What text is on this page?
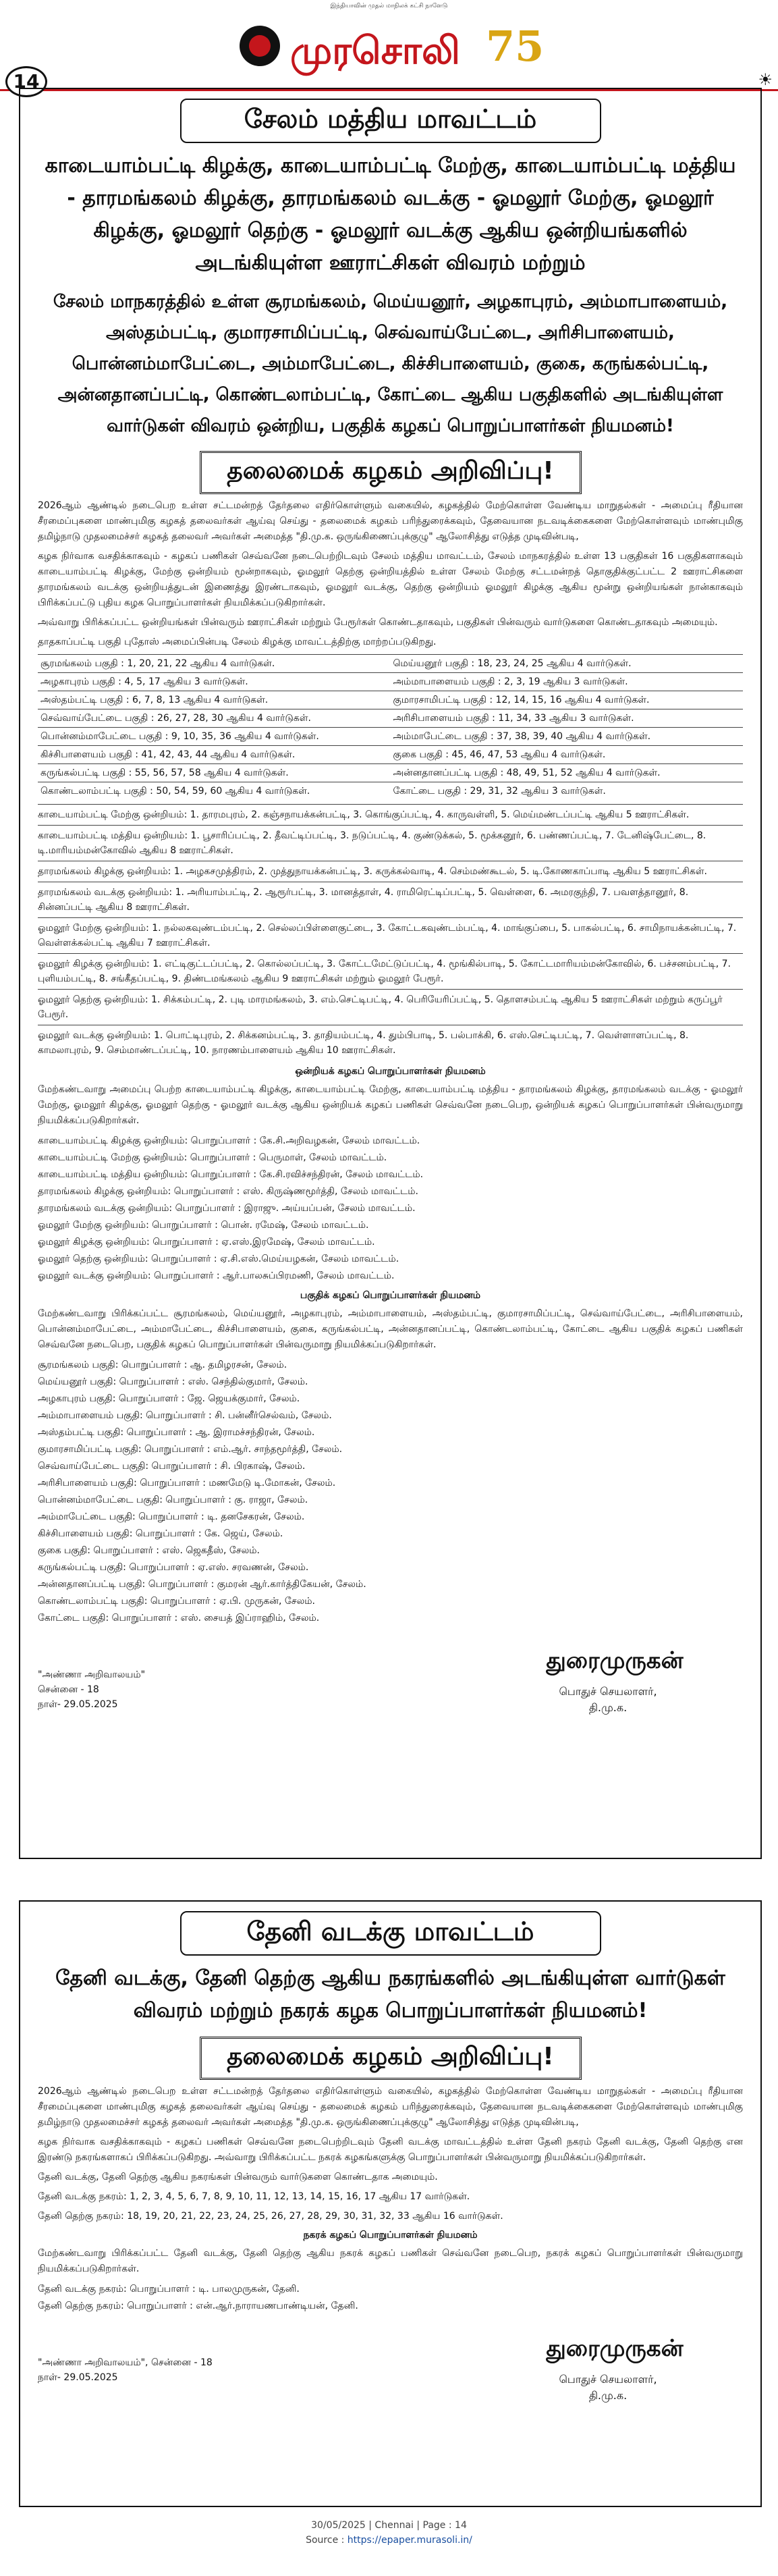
இந்தியாவின் முதல் மாநிலக் கட்சி நாளேடு
முரசொலி 75
14	☀
சேலம் மத்திய மாவட்டம்
காடையாம்பட்டி கிழக்கு, காடையாம்பட்டி மேற்கு, காடையாம்பட்டி மத்திய - தாரமங்கலம் கிழக்கு, தாரமங்கலம் வடக்கு - ஓமலூர் மேற்கு, ஓமலூர் கிழக்கு, ஓமலூர் தெற்கு - ஓமலூர் வடக்கு ஆகிய ஒன்றியங்களில் அடங்கியுள்ள ஊராட்சிகள் விவரம் மற்றும்
சேலம் மாநகரத்தில் உள்ள சூரமங்கலம், மெய்யனூர், அழகாபுரம், அம்மாபாளையம், அஸ்தம்பட்டி, குமாரசாமிப்பட்டி, செவ்வாய்பேட்டை, அரிசிபாளையம், பொன்னம்மாபேட்டை, அம்மாபேட்டை, கிச்சிபாளையம், குகை, கருங்கல்பட்டி, அன்னதானப்பட்டி, கொண்டலாம்பட்டி, கோட்டை ஆகிய பகுதிகளில் அடங்கியுள்ள வார்டுகள் விவரம் ஒன்றிய, பகுதிக் கழகப் பொறுப்பாளர்கள் நியமனம்!
தலைமைக் கழகம் அறிவிப்பு!
2026ஆம் ஆண்டில் நடைபெற உள்ள சட்டமன்றத் தேர்தலை எதிர்கொள்ளும் வகையில், கழகத்தில் மேற்கொள்ள வேண்டிய மாறுதல்கள் - அமைப்பு ரீதியான சீரமைப்புகளை மாண்புமிகு கழகத் தலைவர்கள் ஆய்வு செய்து - தலைமைக் கழகம் பரிந்துரைக்கவும், தேவையான நடவடிக்கைகளை மேற்கொள்ளவும் மாண்புமிகு தமிழ்நாடு முதலமைச்சர் கழகத் தலைவர் அவர்கள் அமைத்த "தி.மு.க. ஒருங்கிணைப்புக்குழு" ஆலோசித்து எடுத்த முடிவின்படி,
கழக நிர்வாக வசதிக்காகவும் - கழகப் பணிகள் செவ்வனே நடைபெற்றிடவும் சேலம் மத்திய மாவட்டம், சேலம் மாநகரத்தில் உள்ள 13 பகுதிகள் 16 பகுதிகளாகவும் காடையாம்பட்டி கிழக்கு, மேற்கு ஒன்றியம் மூன்றாகவும், ஓமலூர் தெற்கு ஒன்றியத்தில் உள்ள சேலம் மேற்கு சட்டமன்றத் தொகுதிக்குட்பட்ட 2 ஊராட்சிகளை தாரமங்கலம் வடக்கு ஒன்றியத்துடன் இணைத்து இரண்டாகவும், ஓமலூர் வடக்கு, தெற்கு ஒன்றியம் ஓமலூர் கிழக்கு ஆகிய மூன்று ஒன்றியங்கள் நான்காகவும் பிரிக்கப்பட்டு புதிய கழக பொறுப்பாளர்கள் நியமிக்கப்படுகிறார்கள்.
அவ்வாறு பிரிக்கப்பட்ட ஒன்றியங்கள் பின்வரும் ஊராட்சிகள் மற்றும் பேரூர்கள் கொண்டதாகவும், பகுதிகள் பின்வரும் வார்டுகளை கொண்டதாகவும் அமையும்.
தாதகாப்பட்டி பகுதி புதோஸ் அமைப்பின்படி சேலம் கிழக்கு மாவட்டத்திற்கு மாற்றப்படுகிறது.
சூரமங்கலம் பகுதி : 1, 20, 21, 22 ஆகிய 4 வார்டுகள்.	மெய்யனூர் பகுதி : 18, 23, 24, 25 ஆகிய 4 வார்டுகள்.
அழகாபுரம் பகுதி : 4, 5, 17 ஆகிய 3 வார்டுகள்.	அம்மாபாளையம் பகுதி : 2, 3, 19 ஆகிய 3 வார்டுகள்.
அஸ்தம்பட்டி பகுதி : 6, 7, 8, 13 ஆகிய 4 வார்டுகள்.	குமாரசாமிபட்டி பகுதி : 12, 14, 15, 16 ஆகிய 4 வார்டுகள்.
செவ்வாய்பேட்டை பகுதி : 26, 27, 28, 30 ஆகிய 4 வார்டுகள்.	அரிசிபாளையம் பகுதி : 11, 34, 33 ஆகிய 3 வார்டுகள்.
பொன்னம்மாபேட்டை பகுதி : 9, 10, 35, 36 ஆகிய 4 வார்டுகள்.	அம்மாபேட்டை பகுதி : 37, 38, 39, 40 ஆகிய 4 வார்டுகள்.
கிச்சிபாளையம் பகுதி : 41, 42, 43, 44 ஆகிய 4 வார்டுகள்.	குகை பகுதி : 45, 46, 47, 53 ஆகிய 4 வார்டுகள்.
கருங்கல்பட்டி பகுதி : 55, 56, 57, 58 ஆகிய 4 வார்டுகள்.	அன்னதானப்பட்டி பகுதி : 48, 49, 51, 52 ஆகிய 4 வார்டுகள்.
கொண்டலாம்பட்டி பகுதி : 50, 54, 59, 60 ஆகிய 4 வார்டுகள்.	கோட்டை பகுதி : 29, 31, 32 ஆகிய 3 வார்டுகள்.
காடையாம்பட்டி மேற்கு ஒன்றியம்: 1. தாரமபுரம், 2. கஞ்சநாயக்கன்பட்டி, 3. கொங்குப்பட்டி, 4. காருவள்ளி, 5. மெய்மண்டப்பட்டி ஆகிய 5 ஊராட்சிகள்.
காடையாம்பட்டி மத்திய ஒன்றியம்: 1. பூசாரிப்பட்டி, 2. தீவட்டிப்பட்டி, 3. நடுப்பட்டி, 4. குண்டுக்கல், 5. மூக்கனூர், 6. பண்ணப்பட்டி, 7. டேனிஷ்பேட்டை, 8. டி.மாரியம்மன்கோவில் ஆகிய 8 ஊராட்சிகள்.
தாரமங்கலம் கிழக்கு ஒன்றியம்: 1. அழகசமுத்திரம், 2. முத்துநாயக்கன்பட்டி, 3. கருக்கல்வாடி, 4. செம்மண்கூடல், 5. டி.கோணகாப்பாடி ஆகிய 5 ஊராட்சிகள்.
தாரமங்கலம் வடக்கு ஒன்றியம்: 1. அரியாம்பட்டி, 2. ஆரூர்பட்டி, 3. மானத்தாள், 4. ராமிரெட்டிப்பட்டி, 5. வெள்ளை, 6. அமரகுந்தி, 7. பவளத்தானூர், 8. சின்னப்பட்டி ஆகிய 8 ஊராட்சிகள்.
ஓமலூர் மேற்கு ஒன்றியம்: 1. நல்லகவுண்டம்பட்டி, 2. செல்லப்பிள்ளைகுட்டை, 3. கோட்டகவுண்டம்பட்டி, 4. மாங்குப்பை, 5. பாகல்பட்டி, 6. சாமிநாயக்கன்பட்டி, 7. வெள்ளக்கல்பட்டி ஆகிய 7 ஊராட்சிகள்.
ஓமலூர் கிழக்கு ஒன்றியம்: 1. எட்டிகுட்டப்பட்டி, 2. கொல்லப்பட்டி, 3. கோட்டமேட்டுப்பட்டி, 4. மூங்கில்பாடி, 5. கோட்டமாரியம்மன்கோவில், 6. பச்சனம்பட்டி, 7. புளியம்பட்டி, 8. சங்கீதப்பட்டி, 9. திண்டமங்கலம் ஆகிய 9 ஊராட்சிகள் மற்றும் ஓமலூர் பேரூர்.
ஓமலூர் தெற்கு ஒன்றியம்: 1. சிக்கம்பட்டி, 2. புடி மாரமங்கலம், 3. எம்.செட்டிபட்டி, 4. பெரியேரிப்பட்டி, 5. தொளசம்பட்டி ஆகிய 5 ஊராட்சிகள் மற்றும் கருப்பூர் பேரூர்.
ஓமலூர் வடக்கு ஒன்றியம்: 1. பொட்டிபுரம், 2. சிக்கனம்பட்டி, 3. தாதியம்பட்டி, 4. தும்பிபாடி, 5. பல்பாக்கி, 6. எஸ்.செட்டிபட்டி, 7. வெள்ளாளப்பட்டி, 8. காமலாபுரம், 9. செம்மாண்டப்பட்டி, 10. நாரணம்பாளையம் ஆகிய 10 ஊராட்சிகள்.
ஒன்றியக் கழகப் பொறுப்பாளர்கள் நியமனம்
மேற்கண்டவாறு அமைப்பு பெற்ற காடையாம்பட்டி கிழக்கு, காடையாம்பட்டி மேற்கு, காடையாம்பட்டி மத்திய - தாரமங்கலம் கிழக்கு, தாரமங்கலம் வடக்கு - ஓமலூர் மேற்கு, ஓமலூர் கிழக்கு, ஓமலூர் தெற்கு - ஓமலூர் வடக்கு ஆகிய ஒன்றியக் கழகப் பணிகள் செவ்வனே நடைபெற, ஒன்றியக் கழகப் பொறுப்பாளர்கள் பின்வருமாறு நியமிக்கப்படுகிறார்கள்.
காடையாம்பட்டி கிழக்கு ஒன்றியம்: பொறுப்பாளர் : கே.சி.அறிவழகன், சேலம் மாவட்டம்.
காடையாம்பட்டி மேற்கு ஒன்றியம்: பொறுப்பாளர் : பெருமாள், சேலம் மாவட்டம்.
காடையாம்பட்டி மத்திய ஒன்றியம்: பொறுப்பாளர் : கே.சி.ரவிச்சந்திரன், சேலம் மாவட்டம்.
தாரமங்கலம் கிழக்கு ஒன்றியம்: பொறுப்பாளர் : எஸ். கிருஷ்ணமூர்த்தி, சேலம் மாவட்டம்.
தாரமங்கலம் வடக்கு ஒன்றியம்: பொறுப்பாளர் : இராஜு. அய்யப்பன், சேலம் மாவட்டம்.
ஓமலூர் மேற்கு ஒன்றியம்: பொறுப்பாளர் : பொன். ரமேஷ், சேலம் மாவட்டம்.
ஓமலூர் கிழக்கு ஒன்றியம்: பொறுப்பாளர் : ஏ.எஸ்.இரமேஷ், சேலம் மாவட்டம்.
ஓமலூர் தெற்கு ஒன்றியம்: பொறுப்பாளர் : ஏ.சி.எஸ்.மெய்யழகன், சேலம் மாவட்டம்.
ஓமலூர் வடக்கு ஒன்றியம்: பொறுப்பாளர் : ஆர்.பாலசுப்பிரமணி, சேலம் மாவட்டம்.
பகுதிக் கழகப் பொறுப்பாளர்கள் நியமனம்
மேற்கண்டவாறு பிரிக்கப்பட்ட சூரமங்கலம், மெய்யனூர், அழகாபுரம், அம்மாபாளையம், அஸ்தம்பட்டி, குமாரசாமிப்பட்டி, செவ்வாய்பேட்டை, அரிசிபாளையம், பொன்னம்மாபேட்டை, அம்மாபேட்டை, கிச்சிபாளையம், குகை, கருங்கல்பட்டி, அன்னதானப்பட்டி, கொண்டலாம்பட்டி, கோட்டை ஆகிய பகுதிக் கழகப் பணிகள் செவ்வனே நடைபெற, பகுதிக் கழகப் பொறுப்பாளர்கள் பின்வருமாறு நியமிக்கப்படுகிறார்கள்.
சூரமங்கலம் பகுதி: பொறுப்பாளர் : ஆ. தமிழரசன், சேலம்.
மெய்யனூர் பகுதி: பொறுப்பாளர் : எஸ். செந்தில்குமார், சேலம்.
அழகாபுரம் பகுதி: பொறுப்பாளர் : ஜே. ஜெயக்குமார், சேலம்.
அம்மாபாளையம் பகுதி: பொறுப்பாளர் : சி. பன்னீர்செல்வம், சேலம்.
அஸ்தம்பட்டி பகுதி: பொறுப்பாளர் : ஆ. இராமச்சந்திரன், சேலம்.
குமாரசாமிப்பட்டி பகுதி: பொறுப்பாளர் : எம்.ஆர். சாந்தமூர்த்தி, சேலம்.
செவ்வாய்பேட்டை பகுதி: பொறுப்பாளர் : சி. பிரகாஷ், சேலம்.
அரிசிபாளையம் பகுதி: பொறுப்பாளர் : மணமேடு டி.மோகன், சேலம்.
பொன்னம்மாபேட்டை பகுதி: பொறுப்பாளர் : கு. ராஜா, சேலம்.
அம்மாபேட்டை பகுதி: பொறுப்பாளர் : டி. தனசேகரன், சேலம்.
கிச்சிபாளையம் பகுதி: பொறுப்பாளர் : கே. ஜெய், சேலம்.
குகை பகுதி: பொறுப்பாளர் : எஸ். ஜெகதீஸ், சேலம்.
கருங்கல்பட்டி பகுதி: பொறுப்பாளர் : ஏ.எஸ். சரவணன், சேலம்.
அன்னதானப்பட்டி பகுதி: பொறுப்பாளர் : குமரன் ஆர்.கார்த்திகேயன், சேலம்.
கொண்டலாம்பட்டி பகுதி: பொறுப்பாளர் : ஏ.பி. முருகன், சேலம்.
கோட்டை பகுதி: பொறுப்பாளர் : எஸ். சையத் இப்ராஹிம், சேலம்.
"அண்ணா அறிவாலயம்"
சென்னை - 18
நாள்- 29.05.2025
துரைமுருகன்
பொதுச் செயலாளர்,
தி.மு.க.
தேனி வடக்கு மாவட்டம்
தேனி வடக்கு, தேனி தெற்கு ஆகிய நகரங்களில் அடங்கியுள்ள வார்டுகள் விவரம் மற்றும் நகரக் கழக பொறுப்பாளர்கள் நியமனம்!
தலைமைக் கழகம் அறிவிப்பு!
2026ஆம் ஆண்டில் நடைபெற உள்ள சட்டமன்றத் தேர்தலை எதிர்கொள்ளும் வகையில், கழகத்தில் மேற்கொள்ள வேண்டிய மாறுதல்கள் - அமைப்பு ரீதியான சீரமைப்புகளை மாண்புமிகு கழகத் தலைவர்கள் ஆய்வு செய்து - தலைமைக் கழகம் பரிந்துரைக்கவும், தேவையான நடவடிக்கைகளை மேற்கொள்ளவும் மாண்புமிகு தமிழ்நாடு முதலமைச்சர் கழகத் தலைவர் அவர்கள் அமைத்த "தி.மு.க. ஒருங்கிணைப்புக்குழு" ஆலோசித்து எடுத்த முடிவின்படி,
கழக நிர்வாக வசதிக்காகவும் - கழகப் பணிகள் செவ்வனே நடைபெற்றிடவும் தேனி வடக்கு மாவட்டத்தில் உள்ள தேனி நகரம் தேனி வடக்கு, தேனி தெற்கு என இரண்டு நகரங்களாகப் பிரிக்கப்படுகிறது. அவ்வாறு பிரிக்கப்பட்ட நகரக் கழகங்களுக்கு பொறுப்பாளர்கள் பின்வருமாறு நியமிக்கப்படுகிறார்கள்.
தேனி வடக்கு, தேனி தெற்கு ஆகிய நகரங்கள் பின்வரும் வார்டுகளை கொண்டதாக அமையும்.
தேனி வடக்கு நகரம்: 1, 2, 3, 4, 5, 6, 7, 8, 9, 10, 11, 12, 13, 14, 15, 16, 17 ஆகிய 17 வார்டுகள்.
தேனி தெற்கு நகரம்: 18, 19, 20, 21, 22, 23, 24, 25, 26, 27, 28, 29, 30, 31, 32, 33 ஆகிய 16 வார்டுகள்.
நகரக் கழகப் பொறுப்பாளர்கள் நியமனம்
மேற்கண்டவாறு பிரிக்கப்பட்ட தேனி வடக்கு, தேனி தெற்கு ஆகிய நகரக் கழகப் பணிகள் செவ்வனே நடைபெற, நகரக் கழகப் பொறுப்பாளர்கள் பின்வருமாறு நியமிக்கப்படுகிறார்கள்.
தேனி வடக்கு நகரம்: பொறுப்பாளர் : டி. பாலமுருகன், தேனி.
தேனி தெற்கு நகரம்: பொறுப்பாளர் : என்.ஆர்.நாராயணபாண்டியன், தேனி.
"அண்ணா அறிவாலயம்", சென்னை - 18
நாள்- 29.05.2025
துரைமுருகன்
பொதுச் செயலாளர்,
தி.மு.க.
30/05/2025 | Chennai | Page : 14
Source : https://epaper.murasoli.in/
